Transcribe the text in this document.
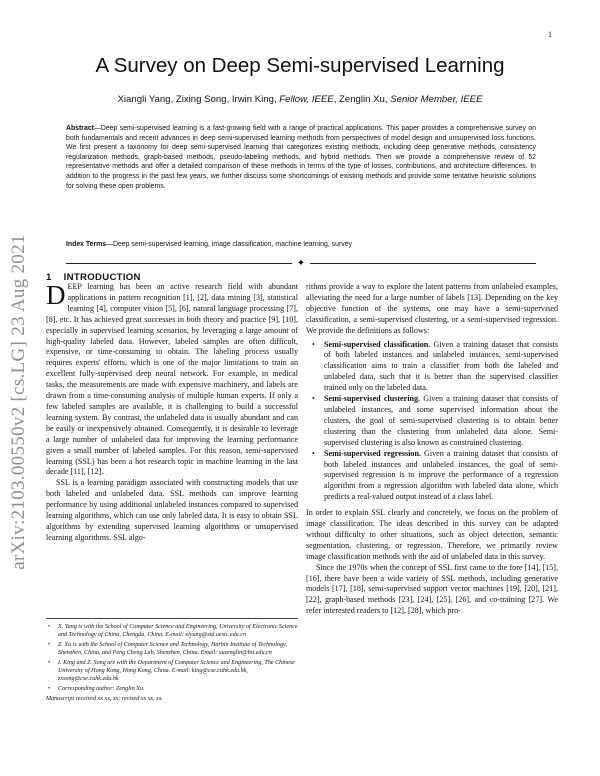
1
arXiv:2103.00550v2 [cs.LG] 23 Aug 2021
A Survey on Deep Semi-supervised Learning
Xiangli Yang, Zixing Song, Irwin King, Fellow, IEEE, Zenglin Xu, Senior Member, IEEE
Abstract—Deep semi-supervised learning is a fast-growing field with a range of practical applications. This paper provides a comprehensive survey on both fundamentals and recent advances in deep semi-supervised learning methods from perspectives of model design and unsupervised loss functions. We first present a taxonomy for deep semi-supervised learning that categorizes existing methods, including deep generative methods, consistency regularization methods, graph-based methods, pseudo-labeling methods, and hybrid methods. Then we provide a comprehensive review of 52 representative methods and offer a detailed comparison of these methods in terms of the type of losses, contributions, and architecture differences. In addition to the progress in the past few years, we further discuss some shortcomings of existing methods and provide some tentative heuristic solutions for solving these open problems.
Index Terms—Deep semi-supervised learning, image classification, machine learning, survey
✦
1 INTRODUCTION

DEEP learning has been an active research field with abundant applications in pattern recognition [1], [2], data mining [3], statistical learning [4], computer vision [5], [6], natural language processing [7], [8], etc. It has achieved great successes in both theory and practice [9], [10], especially in supervised learning scenarios, by leveraging a large amount of high-quality labeled data. However, labeled samples are often difficult, expensive, or time-consuming to obtain. The labeling process usually requires experts' efforts, which is one of the major limitations to train an excellent fully-supervised deep neural network. For example, in medical tasks, the measurements are made with expensive machinery, and labels are drawn from a time-consuming analysis of multiple human experts. If only a few labeled samples are available, it is challenging to build a successful learning system. By contrast, the unlabeled data is usually abundant and can be easily or inexpensively obtained. Consequently, it is desirable to leverage a large number of unlabeled data for improving the learning performance given a small number of labeled samples. For this reason, semi-supervised learning (SSL) has been a hot research topic in machine learning in the last decade [11], [12].

SSL is a learning paradigm associated with constructing models that use both labeled and unlabeled data. SSL methods can improve learning performance by using additional unlabeled instances compared to supervised learning algorithms, which can use only labeled data. It is easy to obtain SSL algorithms by extending supervised learning algorithms or unsupervised learning algorithms. SSL algo-

• X. Yang is with the School of Computer Science and Engineering, University of Electronic Science and Technology of China, Chengdu, China. E-mail: xlyang@std.uestc.edu.cn
• Z. Xu is with the School of Computer Science and Technology, Harbin Institute of Technology, Shenzhen, China, and Peng Cheng Lab, Shenzhen, China. Email: xuzenglin@hit.edu.cn
• I. King and Z. Song are with the Department of Computer Science and Engineering, The Chinese University of Hong Kong, Hong Kong, China. E-mail: king@cse.cuhk.edu.hk, zxsong@cse.cuhk.edu.hk
• Corresponding author: Zenglin Xu.
Manuscript received xx xx, xx; revised xx xx, xx.

rithms provide a way to explore the latent patterns from unlabeled examples, alleviating the need for a large number of labels [13]. Depending on the key objective function of the systems, one may have a semi-supervised classification, a semi-supervised clustering, or a semi-supervised regression. We provide the definitions as follows:

• Semi-supervised classification. Given a training dataset that consists of both labeled instances and unlabeled instances, semi-supervised classification aims to train a classifier from both the labeled and unlabeled data, such that it is better than the supervised classifier trained only on the labeled data.
• Semi-supervised clustering. Given a training dataset that consists of unlabeled instances, and some supervised information about the clusters, the goal of semi-supervised clustering is to obtain better clustering than the clustering from unlabeled data alone. Semi-supervised clustering is also known as constrained clustering.
• Semi-supervised regression. Given a training dataset that consists of both labeled instances and unlabeled instances, the goal of semi-supervised regression is to improve the performance of a regression algorithm from a regression algorithm with labeled data alone, which predicts a real-valued output instead of a class label.

In order to explain SSL clearly and concretely, we focus on the problem of image classification. The ideas described in this survey can be adapted without difficulty to other situations, such as object detection, semantic segmentation, clustering, or regression. Therefore, we primarily review image classification methods with the aid of unlabeled data in this survey.

Since the 1970s when the concept of SSL first came to the fore [14], [15], [16], there have been a wide variety of SSL methods, including generative models [17], [18], semi-supervised support vector machines [19], [20], [21], [22], graph-based methods [23], [24], [25], [26], and co-training [27]. We refer interested readers to [12], [28], which pro-
